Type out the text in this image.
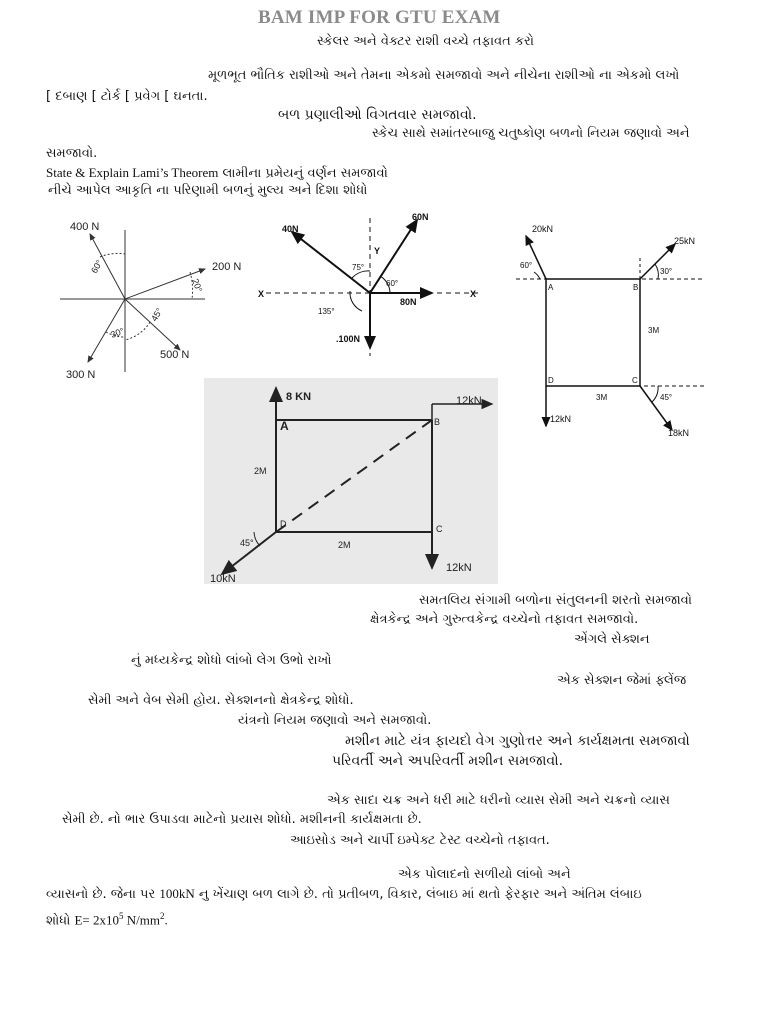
BAM IMP FOR GTU EXAM
સ્કેલર અને વેક્ટર રાશી વચ્ચે તફાવત કરો
મૂળભૂત ભૌતિક રાશીઓ અને તેમના એકમો સમજાવો અને નીચેના રાશીઓ ના એકમો લખો
[ દબાણ [ ટોર્ક [ પ્રવેગ [ ઘનતા.
બળ પ્રણાલીઓ વિગતવાર સમજાવો.
સ્કેચ સાથે સમાંતરબાજુ ચતુષ્કોણ બળનો નિયમ જણાવો અને
સમજાવો.
State & Explain Lami’s Theorem લામીના પ્રમેયનું વર્ણન સમજાવો
નીચે આપેલ આકૃતિ ના પરિણામી બળનું મુલ્ય અને દિશા શોધો
સમતલિય સંગામી બળોના સંતુલનની શરતો સમજાવો
ક્ષેત્રકેન્દ્ર અને ગુરુત્વકેન્દ્ર વચ્ચેનો તફાવત સમજાવો.
એંગલે સેક્શન
નું મધ્યકેન્દ્ર શોધો લાંબો લેગ ઉભો રાખો
એક સેક્શન જેમાં ફ્લેંજ
સેમી અને વેબ સેમી હોય. સેક્શનનો ક્ષેત્રકેન્દ્ર શોધો.
યંત્રનો નિયમ જણાવો અને સમજાવો.
મશીન માટે યંત્ર ફાયદો વેગ ગુણોત્તર અને કાર્યક્ષમતા સમજાવો
પરિવર્તી અને અપરિવર્તી મશીન સમજાવો.
એક સાદા ચક્ર અને ધરી માટે ધરીનો વ્યાસ સેમી અને ચક્રનો વ્યાસ
સેમી છે. નો ભાર ઉપાડવા માટેનો પ્રયાસ શોધો. મશીનની કાર્યક્ષમતા છે.
આઇસોડ અને ચાર્પી ઇમ્પેક્ટ ટેસ્ટ વચ્ચેનો તફાવત.
એક પોલાદનો સળીયો લાંબો અને
વ્યાસનો છે. જેના પર 100kN નુ ખેંચાણ બળ લાગે છે. તો પ્રતીબળ, વિકાર, લંબાઇ માં થતો ફેરફાર અને અંતિમ લંબાઇ
શોધો $E= 2x10^5$ $N/mm^2$.
400 N
200 N
300 N
500 N
60°
20°
30°
45°
40N
60N
80N
.100N
X	X
Y
75°
60°
135°
20kN
25kN
12kN
18kN
60°
30°
45°
A	B
C
D
3M
3M
8 KN	12kN
12kN
10kN
A	B
C
D
2M
2M
45°
